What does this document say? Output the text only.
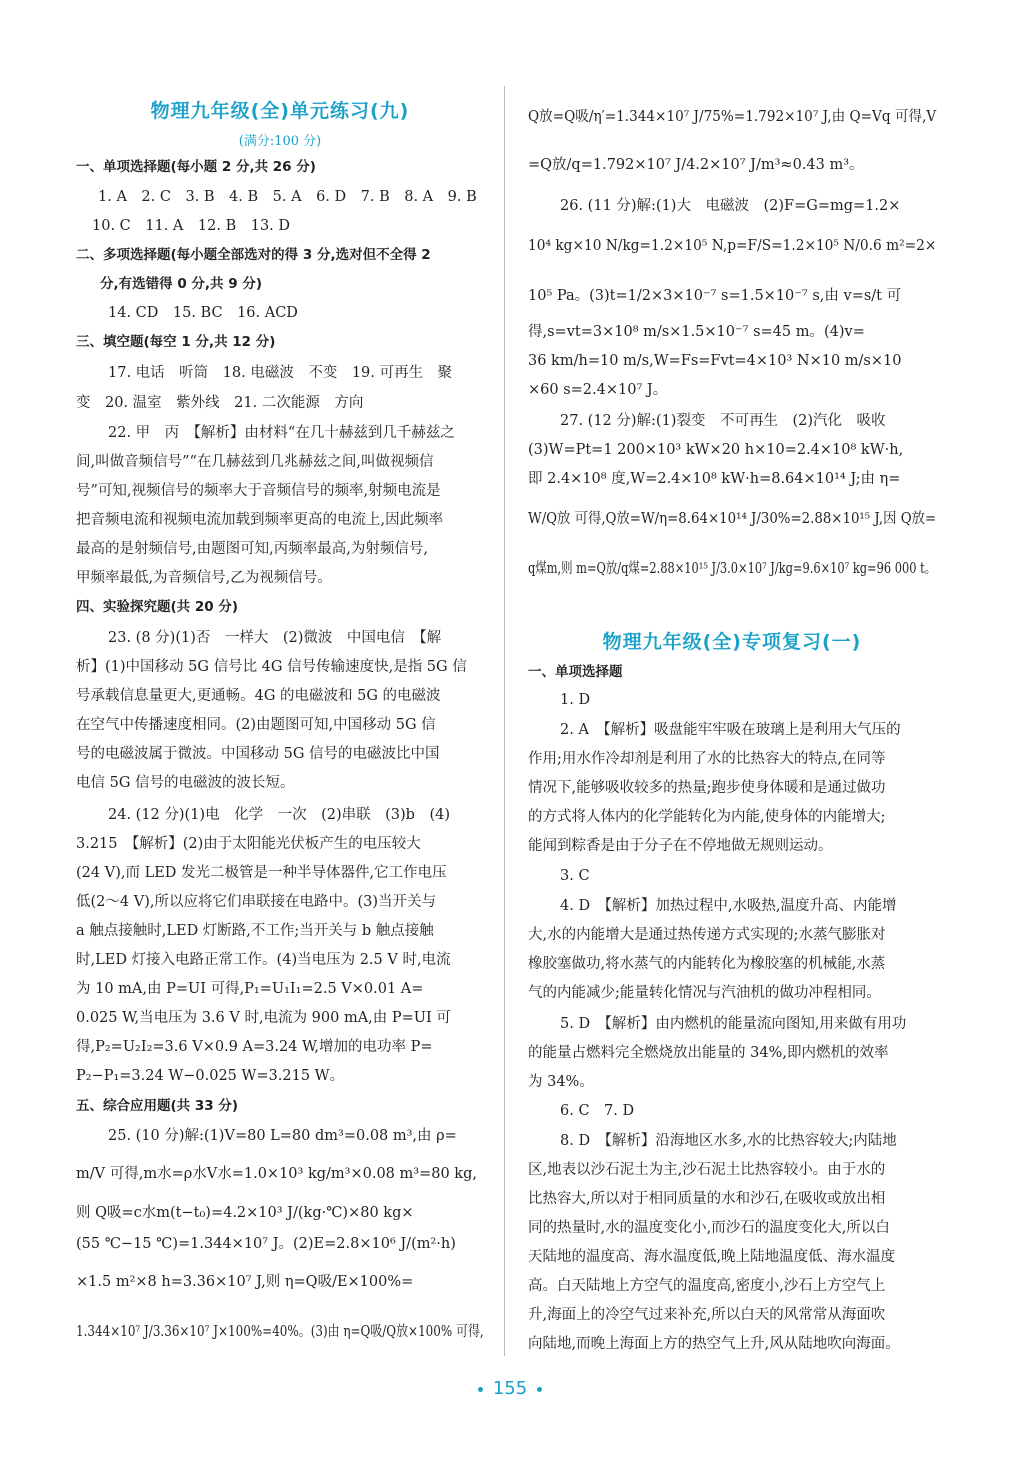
物理九年级(全)单元练习(九)
(满分:100 分)
一、单项选择题(每小题 2 分,共 26 分)
1. A　2. C　3. B　4. B　5. A　6. D　7. B　8. A　9. B
10. C　11. A　12. B　13. D
二、多项选择题(每小题全部选对的得 3 分,选对但不全得 2
分,有选错得 0 分,共 9 分)
14. CD　15. BC　16. ACD
三、填空题(每空 1 分,共 12 分)
17. 电话　听筒　18. 电磁波　不变　19. 可再生　聚
变　20. 温室　紫外线　21. 二次能源　方向
22. 甲　丙　【解析】由材料“在几十赫兹到几千赫兹之
间,叫做音频信号”“在几赫兹到几兆赫兹之间,叫做视频信
号”可知,视频信号的频率大于音频信号的频率,射频电流是
把音频电流和视频电流加载到频率更高的电流上,因此频率
最高的是射频信号,由题图可知,丙频率最高,为射频信号,
甲频率最低,为音频信号,乙为视频信号。
四、实验探究题(共 20 分)
23. (8 分)(1)否　一样大　(2)微波　中国电信　【解
析】(1)中国移动 5G 信号比 4G 信号传输速度快,是指 5G 信
号承载信息量更大,更通畅。4G 的电磁波和 5G 的电磁波
在空气中传播速度相同。(2)由题图可知,中国移动 5G 信
号的电磁波属于微波。中国移动 5G 信号的电磁波比中国
电信 5G 信号的电磁波的波长短。
24. (12 分)(1)电　化学　一次　(2)串联　(3)b　(4)
3.215　【解析】(2)由于太阳能光伏板产生的电压较大
(24 V),而 LED 发光二极管是一种半导体器件,它工作电压
低(2～4 V),所以应将它们串联接在电路中。(3)当开关与
a 触点接触时,LED 灯断路,不工作;当开关与 b 触点接触
时,LED 灯接入电路正常工作。(4)当电压为 2.5 V 时,电流
为 10 mA,由 P=UI 可得,P₁=U₁I₁=2.5 V×0.01 A=
0.025 W,当电压为 3.6 V 时,电流为 900 mA,由 P=UI 可
得,P₂=U₂I₂=3.6 V×0.9 A=3.24 W,增加的电功率 P=
P₂−P₁=3.24 W−0.025 W=3.215 W。
五、综合应用题(共 33 分)
25. (10 分)解:(1)V=80 L=80 dm³=0.08 m³,由 ρ=
m/V 可得,m水=ρ水V水=1.0×10³ kg/m³×0.08 m³=80 kg,
则 Q吸=c水m(t−t₀)=4.2×10³ J/(kg·℃)×80 kg×
(55 ℃−15 ℃)=1.344×10⁷ J。(2)E=2.8×10⁶ J/(m²·h)
×1.5 m²×8 h=3.36×10⁷ J,则 η=Q吸/E×100%=
1.344×10⁷ J/3.36×10⁷ J×100%=40%。(3)由 η=Q吸/Q放×100% 可得,
Q放=Q吸/η′=1.344×10⁷ J/75%=1.792×10⁷ J,由 Q=Vq 可得,V
=Q放/q=1.792×10⁷ J/4.2×10⁷ J/m³≈0.43 m³。
26. (11 分)解:(1)大　电磁波　(2)F=G=mg=1.2×
10⁴ kg×10 N/kg=1.2×10⁵ N,p=F/S=1.2×10⁵ N/0.6 m²=2×
10⁵ Pa。(3)t=1/2×3×10⁻⁷ s=1.5×10⁻⁷ s,由 v=s/t 可
得,s=vt=3×10⁸ m/s×1.5×10⁻⁷ s=45 m。(4)v=
36 km/h=10 m/s,W=Fs=Fvt=4×10³ N×10 m/s×10
×60 s=2.4×10⁷ J。
27. (12 分)解:(1)裂变　不可再生　(2)汽化　吸收
(3)W=Pt=1 200×10³ kW×20 h×10=2.4×10⁸ kW·h,
即 2.4×10⁸ 度,W=2.4×10⁸ kW·h=8.64×10¹⁴ J;由 η=
W/Q放 可得,Q放=W/η=8.64×10¹⁴ J/30%=2.88×10¹⁵ J,因 Q放=
q煤m,则 m=Q放/q煤=2.88×10¹⁵ J/3.0×10⁷ J/kg=9.6×10⁷ kg=96 000 t。
物理九年级(全)专项复习(一)
一、单项选择题
1. D
2. A　【解析】吸盘能牢牢吸在玻璃上是利用大气压的
作用;用水作冷却剂是利用了水的比热容大的特点,在同等
情况下,能够吸收较多的热量;跑步使身体暖和是通过做功
的方式将人体内的化学能转化为内能,使身体的内能增大;
能闻到粽香是由于分子在不停地做无规则运动。
3. C
4. D　【解析】加热过程中,水吸热,温度升高、内能增
大,水的内能增大是通过热传递方式实现的;水蒸气膨胀对
橡胶塞做功,将水蒸气的内能转化为橡胶塞的机械能,水蒸
气的内能减少;能量转化情况与汽油机的做功冲程相同。
5. D　【解析】由内燃机的能量流向图知,用来做有用功
的能量占燃料完全燃烧放出能量的 34%,即内燃机的效率
为 34%。
6. C　7. D
8. D　【解析】沿海地区水多,水的比热容较大;内陆地
区,地表以沙石泥土为主,沙石泥土比热容较小。由于水的
比热容大,所以对于相同质量的水和沙石,在吸收或放出相
同的热量时,水的温度变化小,而沙石的温度变化大,所以白
天陆地的温度高、海水温度低,晚上陆地温度低、海水温度
高。白天陆地上方空气的温度高,密度小,沙石上方空气上
升,海面上的冷空气过来补充,所以白天的风常常从海面吹
向陆地,而晚上海面上方的热空气上升,风从陆地吹向海面。
155
